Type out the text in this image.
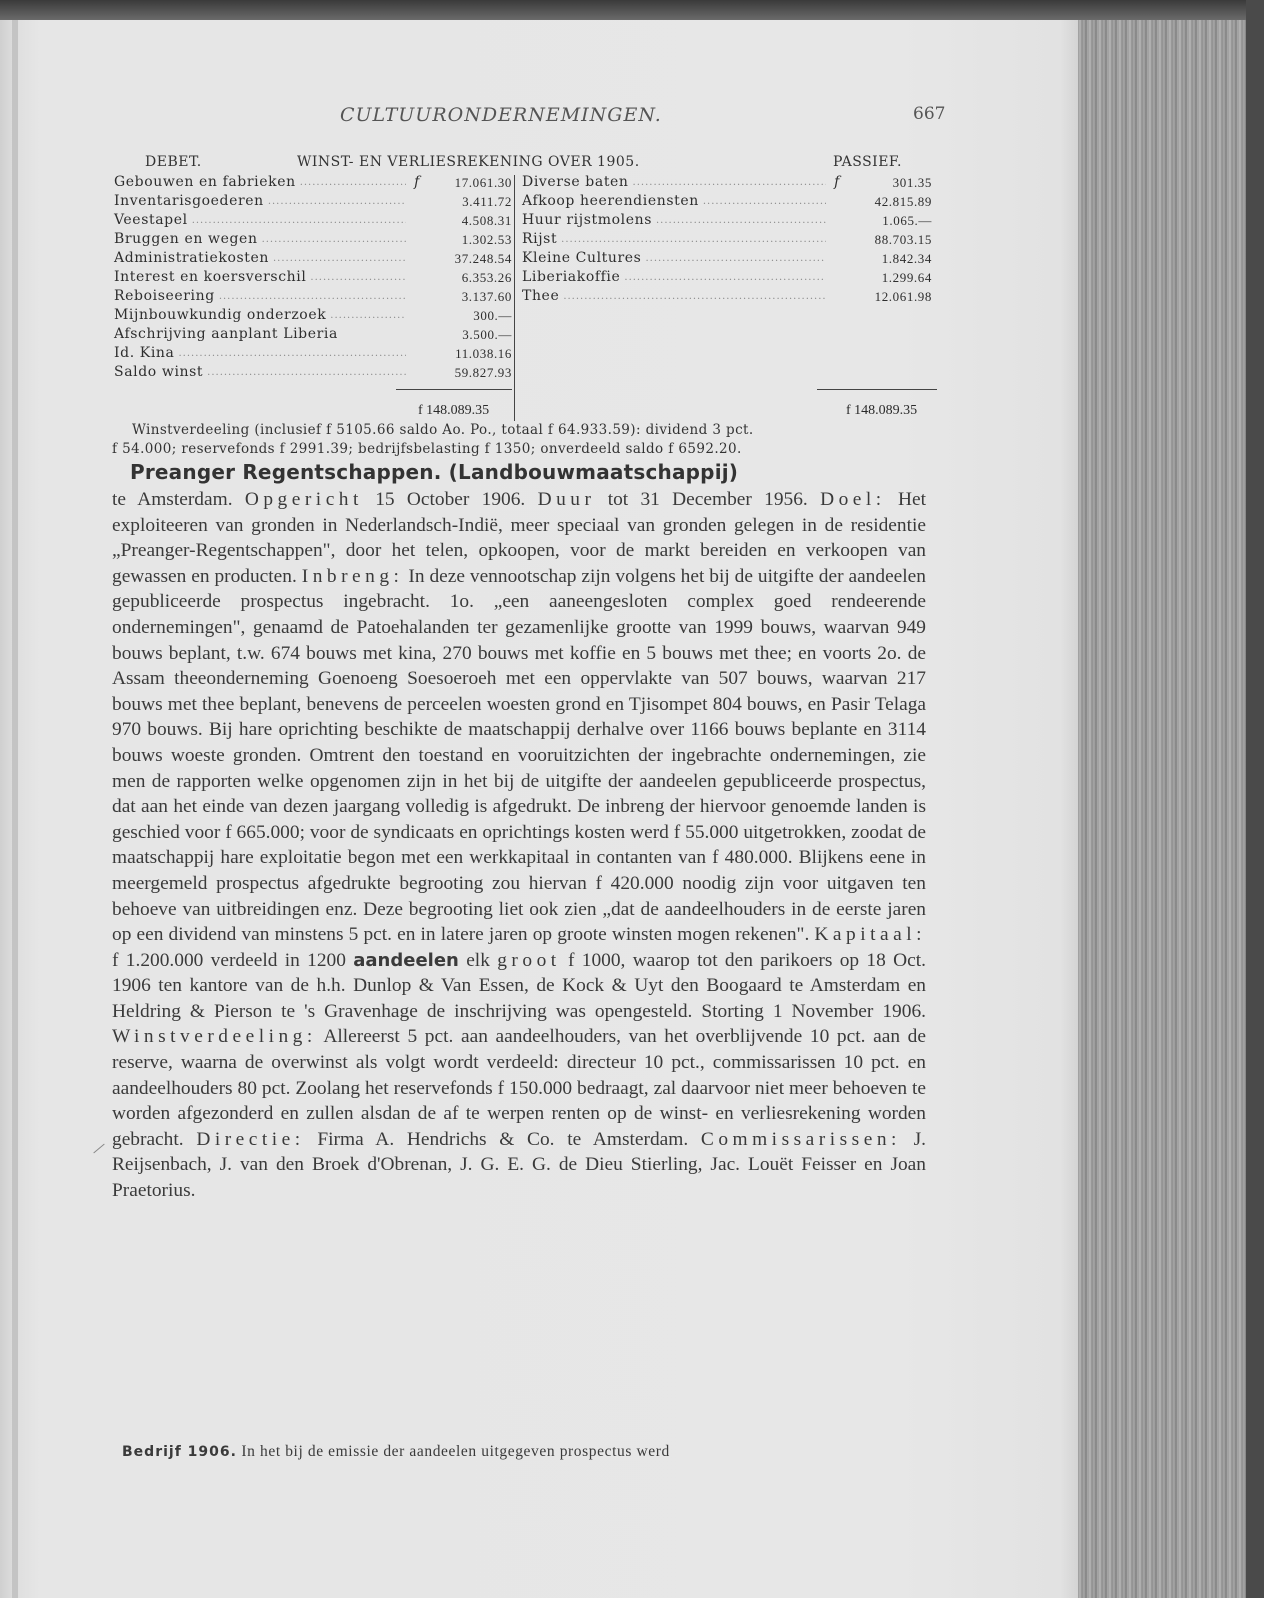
CULTUURONDERNEMINGEN.	667
DEBET.	WINST- EN VERLIESREKENING OVER 1905.	PASSIEF.
Gebouwen en fabrieken .....	f	17.061.30
Inventarisgoederen .....	3.411.72
Veestapel .....	4.508.31
Bruggen en wegen .....	1.302.53
Administratiekosten .....	37.248.54
Interest en koersverschil .....	6.353.26
Reboiseering .....	3.137.60
Mijnbouwkundig onderzoek .....	300.—
Afschrijving aanplant Liberia	3.500.—
Id. Kina .....	11.038.16
Saldo winst .....	59.827.93
Diverse baten .....	f	301.35
Afkoop heerendiensten .....	42.815.89
Huur rijstmolens .....	1.065.—
Rijst .....	88.703.15
Kleine Cultures .....	1.842.34
Liberiakoffie .....	1.299.64
Thee .....	12.061.98
f 148.089.35	f 148.089.35
Winstverdeeling (inclusief f 5105.66 saldo Ao. Po., totaal f 64.933.59): dividend 3 pct.
f 54.000; reservefonds f 2991.39; bedrijfsbelasting f 1350; onverdeeld saldo f 6592.20.
Preanger Regentschappen. (Landbouwmaatschappij)
te Amsterdam. Opgericht 15 October 1906. Duur tot 31 December 1956. Doel: Het exploiteeren van gronden in Nederlandsch-Indië, meer speciaal van gronden gelegen in de residentie „Preanger-Regentschappen", door het telen, opkoopen, voor de markt bereiden en verkoopen van gewassen en producten. Inbreng: In deze vennootschap zijn volgens het bij de uitgifte der aandeelen gepubliceerde prospectus ingebracht. 1o. „een aaneengesloten complex goed rendeerende ondernemingen", genaamd de Patoehalanden ter gezamenlijke grootte van 1999 bouws, waarvan 949 bouws beplant, t.w. 674 bouws met kina, 270 bouws met koffie en 5 bouws met thee; en voorts 2o. de Assam theeonderneming Goenoeng Soesoeroeh met een oppervlakte van 507 bouws, waarvan 217 bouws met thee beplant, benevens de perceelen woesten grond en Tjisompet 804 bouws, en Pasir Telaga 970 bouws. Bij hare oprichting beschikte de maatschappij derhalve over 1166 bouws beplante en 3114 bouws woeste gronden. Omtrent den toestand en vooruitzichten der ingebrachte ondernemingen, zie men de rapporten welke opgenomen zijn in het bij de uitgifte der aandeelen gepubliceerde prospectus, dat aan het einde van dezen jaargang volledig is afgedrukt. De inbreng der hiervoor genoemde landen is geschied voor f 665.000; voor de syndicaats en oprichtings kosten werd f 55.000 uitgetrokken, zoodat de maatschappij hare exploitatie begon met een werkkapitaal in contanten van f 480.000. Blijkens eene in meergemeld prospectus afgedrukte begrooting zou hiervan f 420.000 noodig zijn voor uitgaven ten behoeve van uitbreidingen enz. Deze begrooting liet ook zien „dat de aandeelhouders in de eerste jaren op een dividend van minstens 5 pct. en in latere jaren op groote winsten mogen rekenen". Kapitaal: f 1.200.000 verdeeld in 1200 aandeelen elk groot f 1000, waarop tot den parikoers op 18 Oct. 1906 ten kantore van de h.h. Dunlop & Van Essen, de Kock & Uyt den Boogaard te Amsterdam en Heldring & Pierson te 's Gravenhage de inschrijving was opengesteld. Storting 1 November 1906. Winstverdeeling: Allereerst 5 pct. aan aandeelhouders, van het overblijvende 10 pct. aan de reserve, waarna de overwinst als volgt wordt verdeeld: directeur 10 pct., commissarissen 10 pct. en aandeelhouders 80 pct. Zoolang het reservefonds f 150.000 bedraagt, zal daarvoor niet meer behoeven te worden afgezonderd en zullen alsdan de af te werpen renten op de winst- en verliesrekening worden gebracht. Directie: Firma A. Hendrichs & Co. te Amsterdam. Commissarissen: J. Reijsenbach, J. van den Broek d'Obrenan, J. G. E. G. de Dieu Stierling, Jac. Louët Feisser en Joan Praetorius.
Bedrijf 1906. In het bij de emissie der aandeelen uitgegeven prospectus werd
